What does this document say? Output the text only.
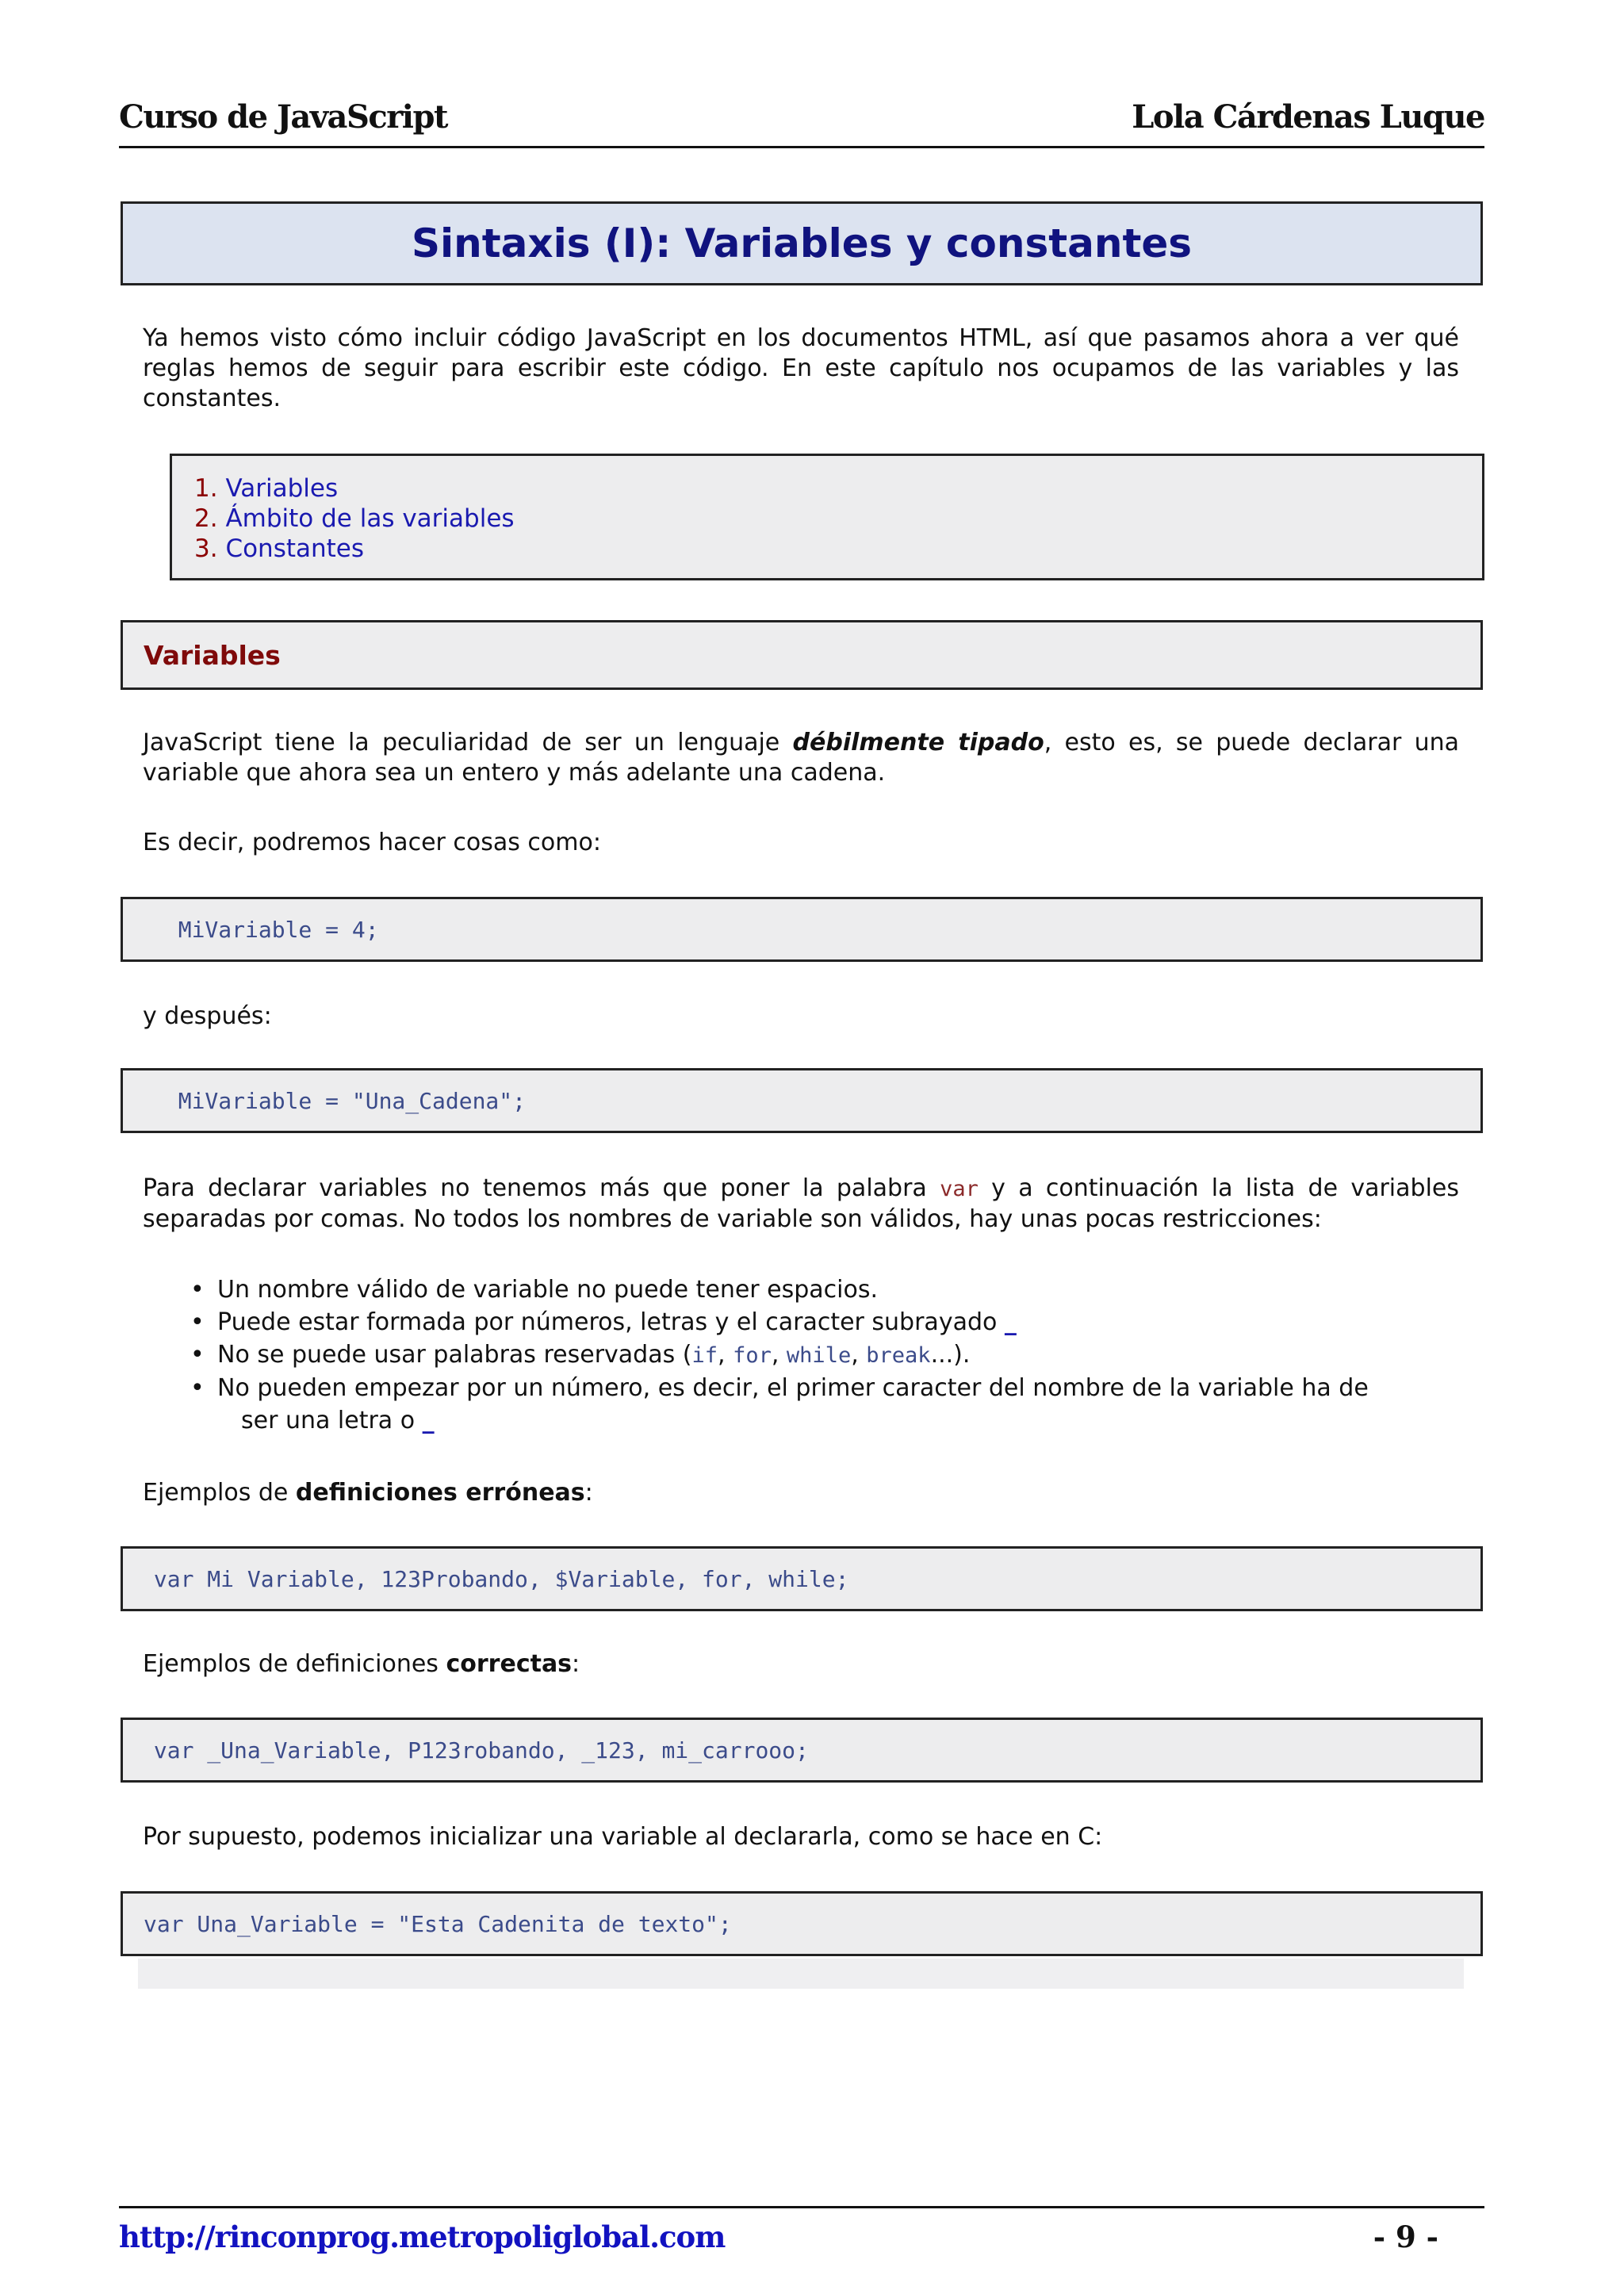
Curso de JavaScript	Lola Cárdenas Luque
Sintaxis (I): Variables y constantes

Ya hemos visto cómo incluir código JavaScript en los documentos HTML, así que pasamos ahora a ver qué reglas hemos de seguir para escribir este código. En este capítulo nos ocupamos de las variables y las constantes.

1. Variables
2. Ámbito de las variables
3. Constantes
Variables

JavaScript tiene la peculiaridad de ser un lenguaje débilmente tipado, esto es, se puede declarar una variable que ahora sea un entero y más adelante una cadena.

Es decir, podremos hacer cosas como:

MiVariable = 4;

y después:

MiVariable = "Una_Cadena";

Para declarar variables no tenemos más que poner la palabra var y a continuación la lista de variables separadas por comas. No todos los nombres de variable son válidos, hay unas pocas restricciones:

• Un nombre válido de variable no puede tener espacios.
• Puede estar formada por números, letras y el caracter subrayado _
• No se puede usar palabras reservadas (if, for, while, break...).
• No pueden empezar por un número, es decir, el primer caracter del nombre de la variable ha de
ser una letra o _

Ejemplos de definiciones erróneas:

var Mi Variable, 123Probando, $Variable, for, while;

Ejemplos de definiciones correctas:

var _Una_Variable, P123robando, _123, mi_carrooo;

Por supuesto, podemos inicializar una variable al declararla, como se hace en C:

var Una_Variable = "Esta Cadenita de texto";
http://rinconprog.metropoliglobal.com	- 9 -
